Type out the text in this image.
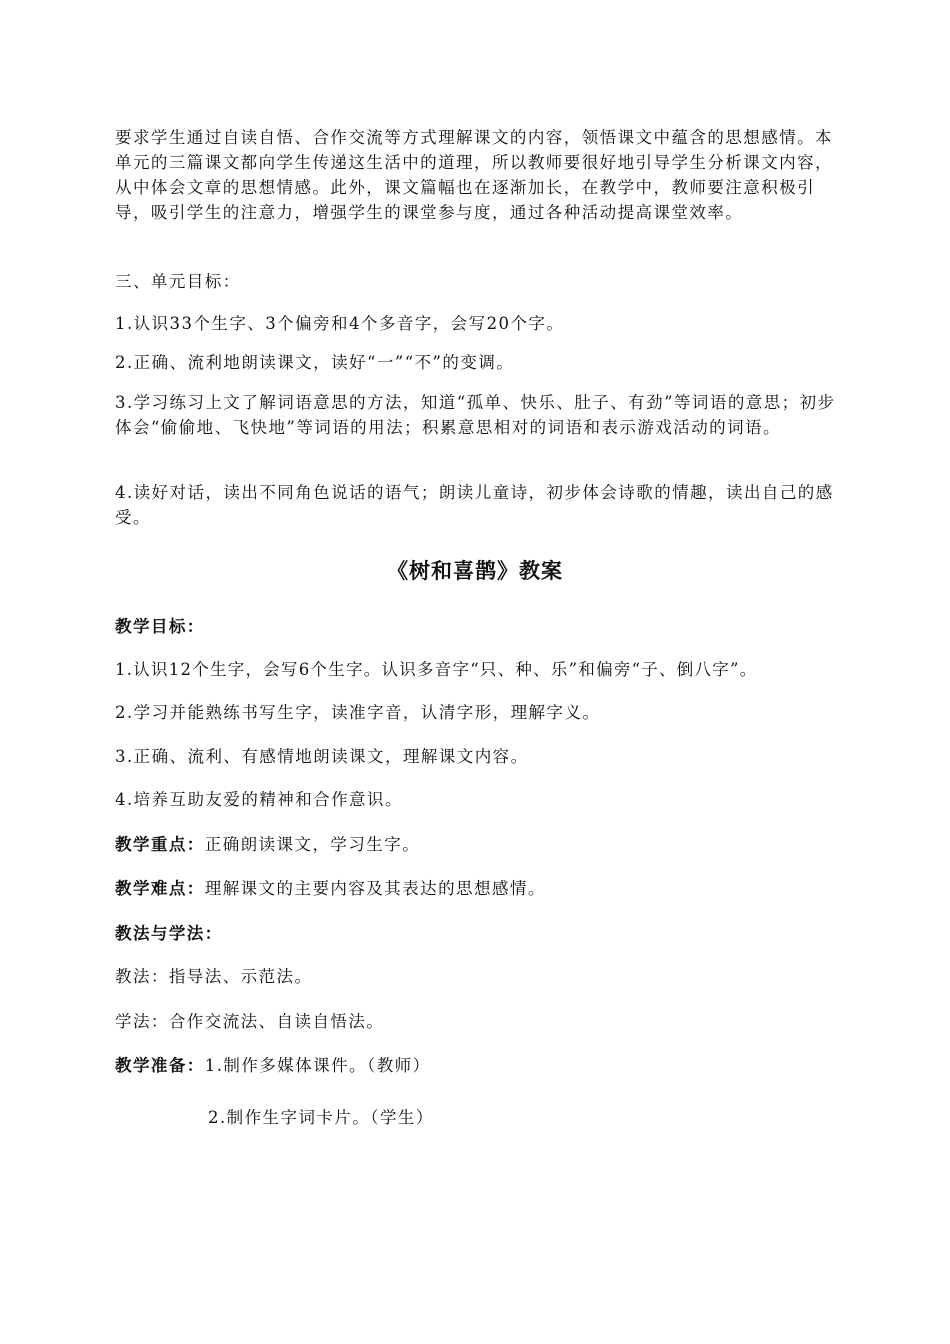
要求学生通过自读自悟、合作交流等方式理解课文的内容，领悟课文中蕴含的思想感情。本单元的三篇课文都向学生传递这生活中的道理，所以教师要很好地引导学生分析课文内容，从中体会文章的思想情感。此外，课文篇幅也在逐渐加长，在教学中，教师要注意积极引导，吸引学生的注意力，增强学生的课堂参与度，通过各种活动提高课堂效率。

三、单元目标：
1.认识33个生字、3个偏旁和4个多音字，会写20个字。
2.正确、流利地朗读课文，读好“一”“不”的变调。

3.学习练习上文了解词语意思的方法，知道“孤单、快乐、肚子、有劲”等词语的意思；初步体会“偷偷地、飞快地”等词语的用法；积累意思相对的词语和表示游戏活动的词语。

4.读好对话，读出不同角色说话的语气；朗读儿童诗，初步体会诗歌的情趣，读出自己的感受。

《树和喜鹊》教案
教学目标：
1.认识12个生字，会写6个生字。认识多音字“只、种、乐”和偏旁“子、倒八字”。
2.学习并能熟练书写生字，读准字音，认清字形，理解字义。
3.正确、流利、有感情地朗读课文，理解课文内容。
4.培养互助友爱的精神和合作意识。
教学重点：正确朗读课文，学习生字。
教学难点：理解课文的主要内容及其表达的思想感情。
教法与学法：
教法：指导法、示范法。
学法：合作交流法、自读自悟法。
教学准备：1.制作多媒体课件。（教师）
2.制作生字词卡片。（学生）
